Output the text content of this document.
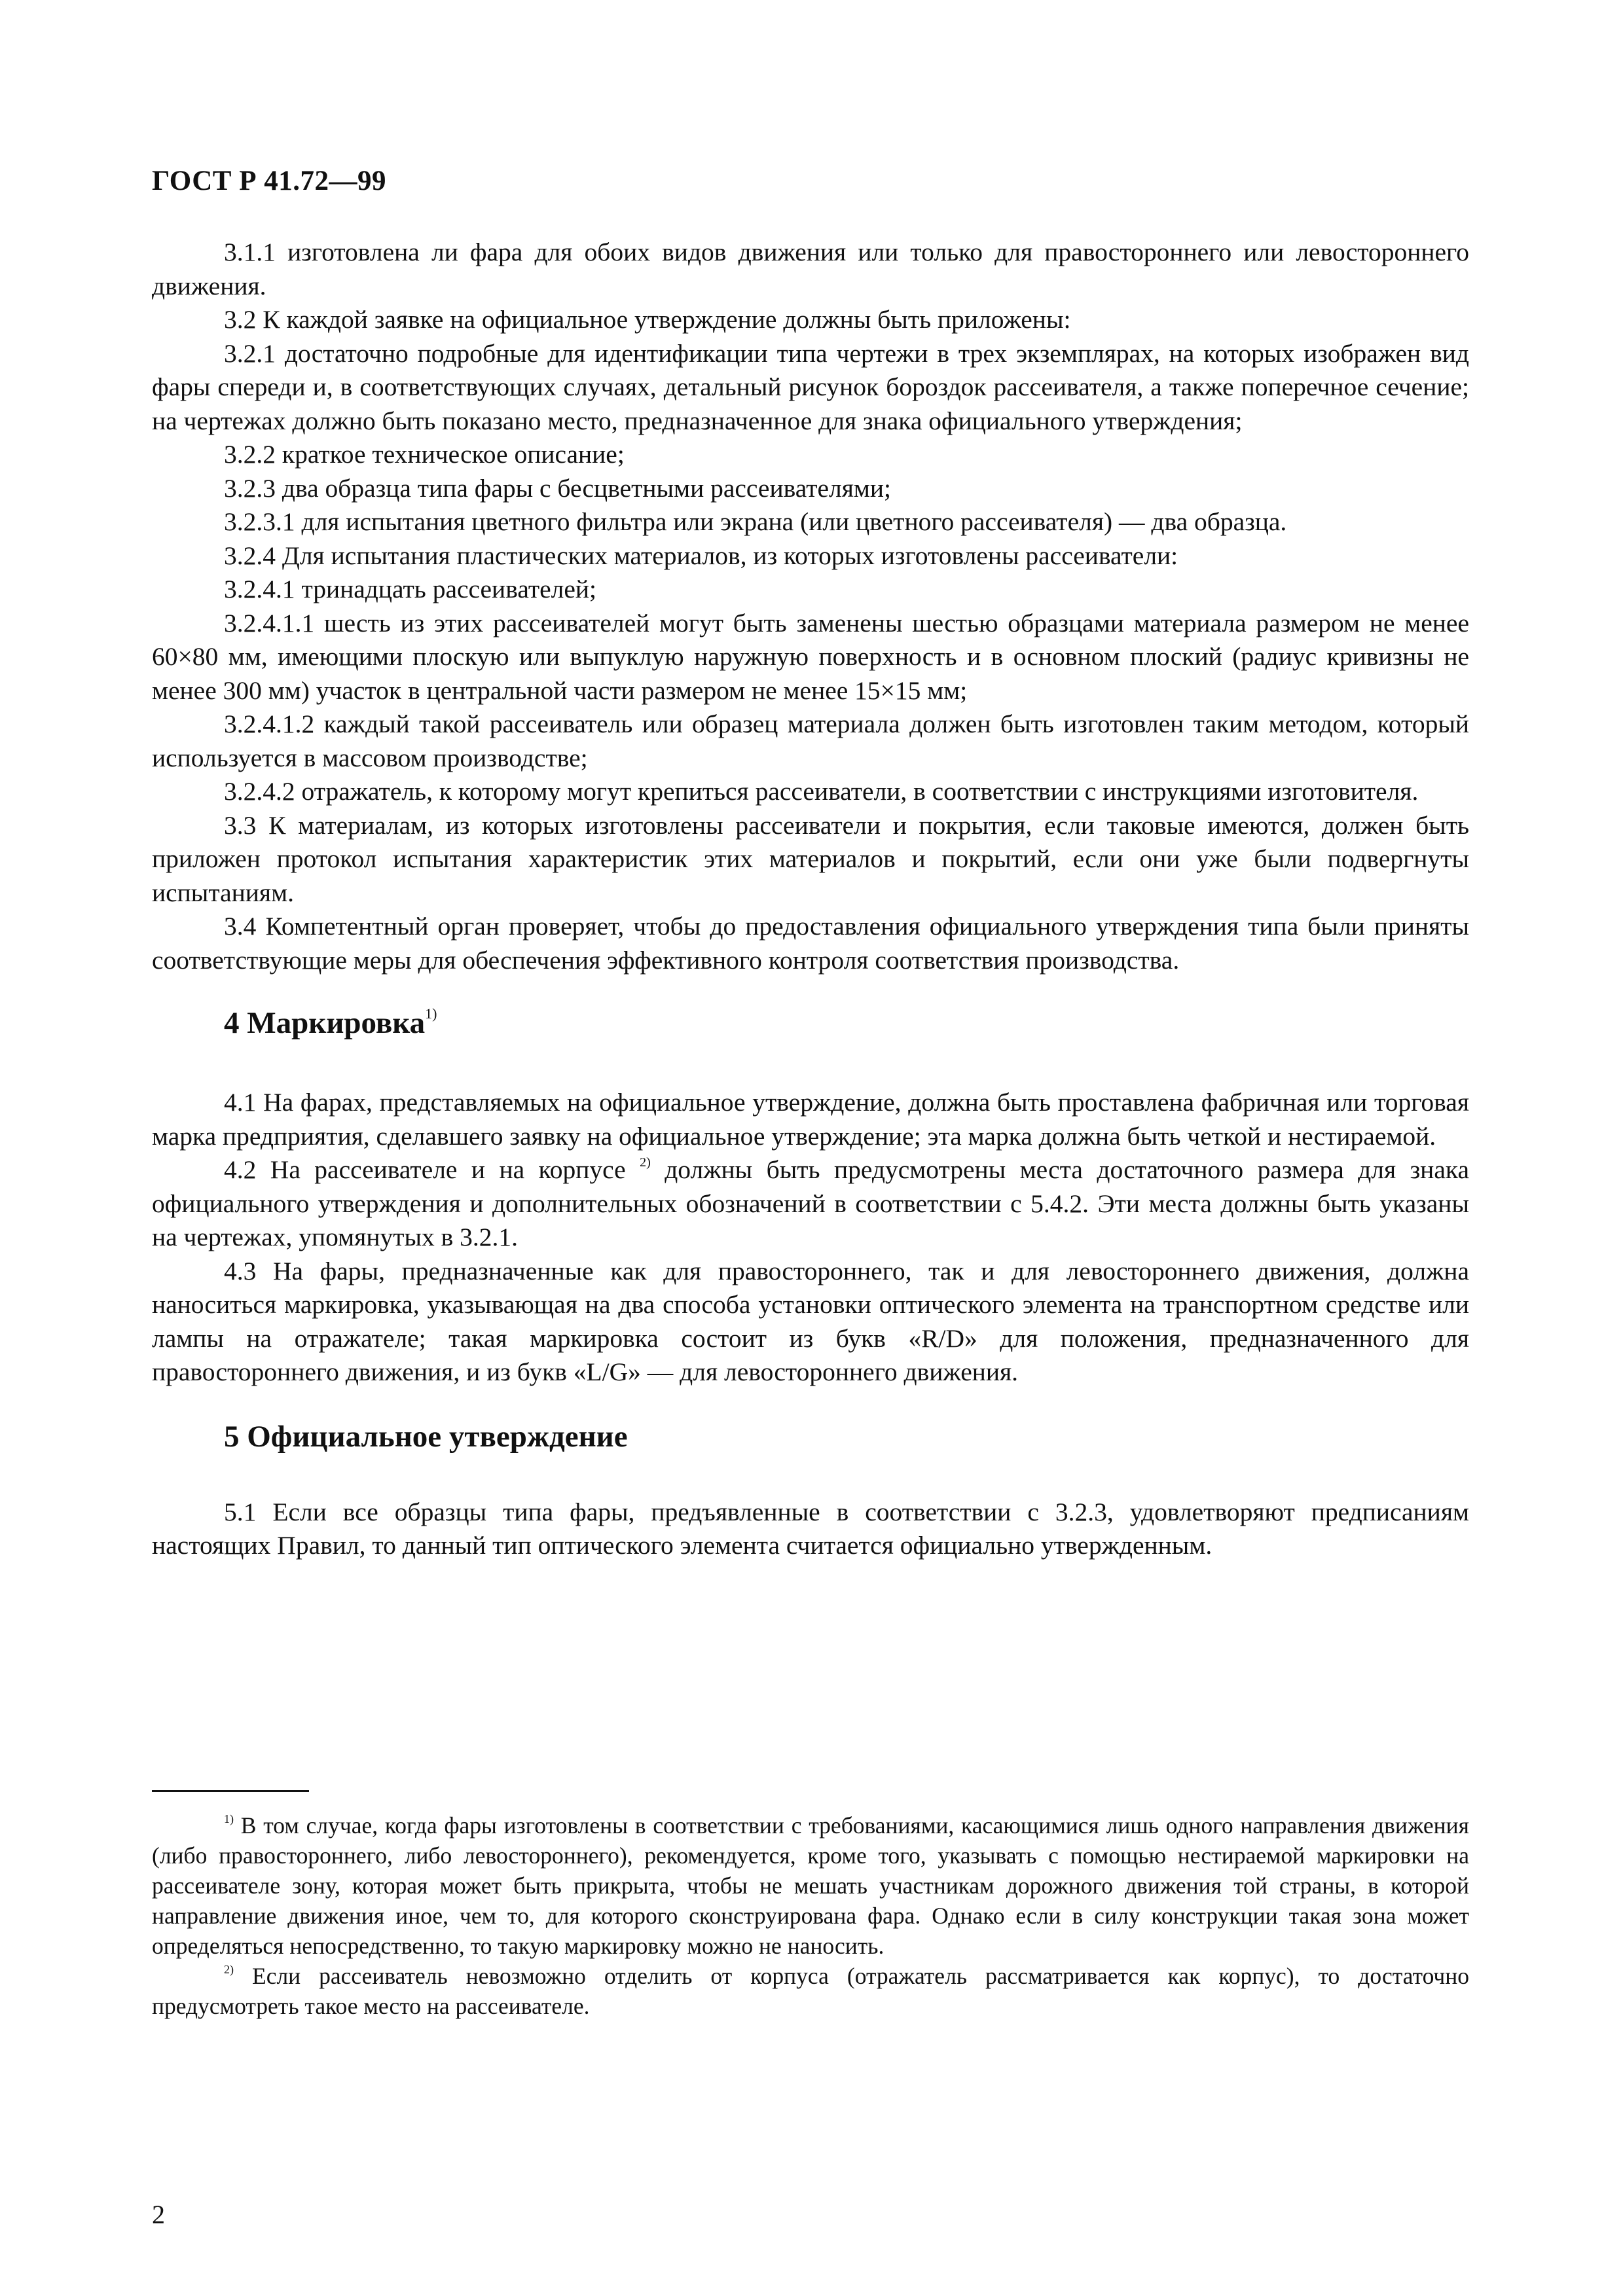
ГОСТ Р 41.72—99

3.1.1 изготовлена ли фара для обоих видов движения или только для правостороннего или левостороннего движения.

3.2 К каждой заявке на официальное утверждение должны быть приложены:

3.2.1 достаточно подробные для идентификации типа чертежи в трех экземплярах, на которых изображен вид фары спереди и, в соответствующих случаях, детальный рисунок бороздок рассеивателя, а также поперечное сечение; на чертежах должно быть показано место, предназначенное для знака официального утверждения;

3.2.2 краткое техническое описание;

3.2.3 два образца типа фары с бесцветными рассеивателями;

3.2.3.1 для испытания цветного фильтра или экрана (или цветного рассеивателя) — два образца.

3.2.4 Для испытания пластических материалов, из которых изготовлены рассеиватели:

3.2.4.1 тринадцать рассеивателей;

3.2.4.1.1 шесть из этих рассеивателей могут быть заменены шестью образцами материала размером не менее 60×80 мм, имеющими плоскую или выпуклую наружную поверхность и в основном плоский (радиус кривизны не менее 300 мм) участок в центральной части размером не менее 15×15 мм;

3.2.4.1.2 каждый такой рассеиватель или образец материала должен быть изготовлен таким методом, который используется в массовом производстве;

3.2.4.2 отражатель, к которому могут крепиться рассеиватели, в соответствии с инструкциями изготовителя.

3.3 К материалам, из которых изготовлены рассеиватели и покрытия, если таковые имеются, должен быть приложен протокол испытания характеристик этих материалов и покрытий, если они уже были подвергнуты испытаниям.

3.4 Компетентный орган проверяет, чтобы до предоставления официального утверждения типа были приняты соответствующие меры для обеспечения эффективного контроля соответствия производства.

4 Маркировка$^{1)}$

4.1 На фарах, представляемых на официальное утверждение, должна быть проставлена фабричная или торговая марка предприятия, сделавшего заявку на официальное утверждение; эта марка должна быть четкой и нестираемой.

4.2 На рассеивателе и на корпусе $^{2)}$ должны быть предусмотрены места достаточного размера для знака официального утверждения и дополнительных обозначений в соответствии с 5.4.2. Эти места должны быть указаны на чертежах, упомянутых в 3.2.1.

4.3 На фары, предназначенные как для правостороннего, так и для левостороннего движения, должна наноситься маркировка, указывающая на два способа установки оптического элемента на транспортном средстве или лампы на отражателе; такая маркировка состоит из букв «R/D» для положения, предназначенного для правостороннего движения, и из букв «L/G» — для левостороннего движения.

5 Официальное утверждение

5.1 Если все образцы типа фары, предъявленные в соответствии с 3.2.3, удовлетворяют предписаниям настоящих Правил, то данный тип оптического элемента считается официально утвержденным.

$^{1)}$ В том случае, когда фары изготовлены в соответствии с требованиями, касающимися лишь одного направления движения (либо правостороннего, либо левостороннего), рекомендуется, кроме того, указывать с помощью нестираемой маркировки на рассеивателе зону, которая может быть прикрыта, чтобы не мешать участникам дорожного движения той страны, в которой направление движения иное, чем то, для которого сконструирована фара. Однако если в силу конструкции такая зона может определяться непосредственно, то такую маркировку можно не наносить.

$^{2)}$ Если рассеиватель невозможно отделить от корпуса (отражатель рассматривается как корпус), то достаточно предусмотреть такое место на рассеивателе.

2
